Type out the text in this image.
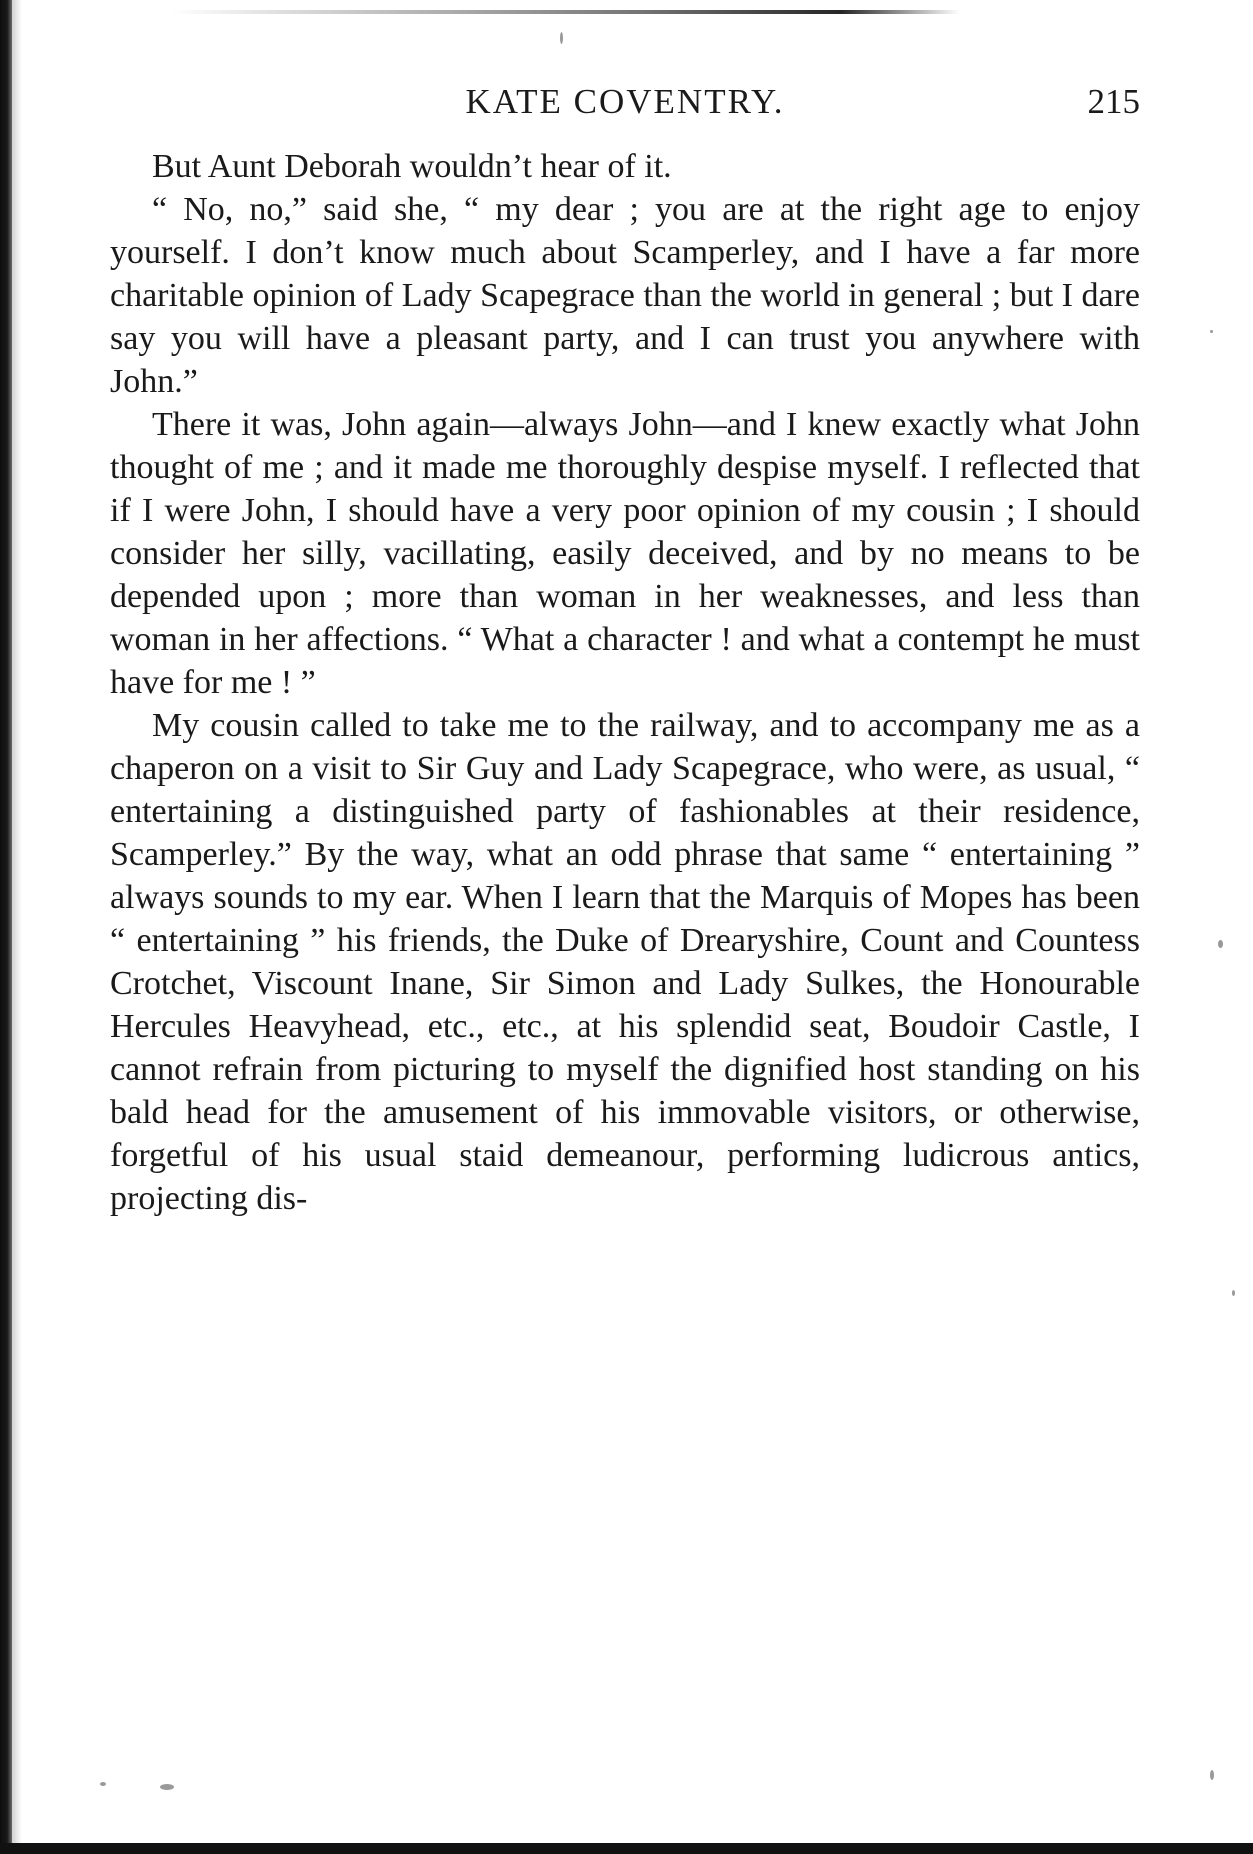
KATE COVENTRY.	215

But Aunt Deborah wouldn’t hear of it.

“ No, no,” said she, “ my dear ; you are at the right age to enjoy yourself. I don’t know much about Scamperley, and I have a far more charitable opinion of Lady Scapegrace than the world in general ; but I dare say you will have a pleasant party, and I can trust you anywhere with John.”

There it was, John again—always John—and I knew exactly what John thought of me ; and it made me thoroughly despise myself. I reflected that if I were John, I should have a very poor opinion of my cousin ; I should consider her silly, vacillating, easily deceived, and by no means to be depended upon ; more than woman in her weaknesses, and less than woman in her affections. “ What a character ! and what a contempt he must have for me ! ”

My cousin called to take me to the railway, and to accompany me as a chaperon on a visit to Sir Guy and Lady Scapegrace, who were, as usual, “ entertaining a distinguished party of fashionables at their residence, Scamperley.” By the way, what an odd phrase that same “ entertaining ” always sounds to my ear. When I learn that the Marquis of Mopes has been “ entertaining ” his friends, the Duke of Drearyshire, Count and Countess Crotchet, Viscount Inane, Sir Simon and Lady Sulkes, the Honourable Hercules Heavyhead, etc., etc., at his splendid seat, Boudoir Castle, I cannot refrain from picturing to myself the dignified host standing on his bald head for the amusement of his immovable visitors, or otherwise, forgetful of his usual staid demeanour, performing ludicrous antics, projecting dis-
